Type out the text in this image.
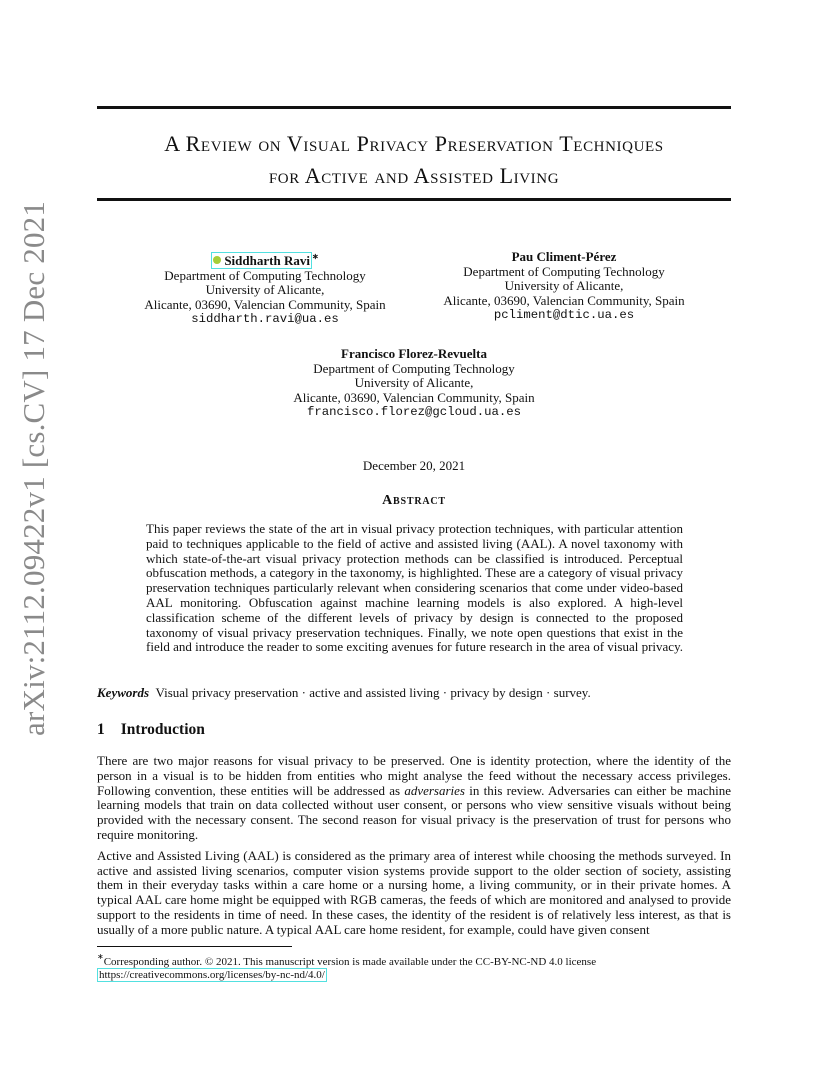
arXiv:2112.09422v1 [cs.CV] 17 Dec 2021
A Review on Visual Privacy Preservation Techniques
for Active and Assisted Living
Siddharth Ravi ∗
Department of Computing Technology
University of Alicante,
Alicante, 03690, Valencian Community, Spain
siddharth.ravi@ua.es
Pau Climent-Pérez
Department of Computing Technology
University of Alicante,
Alicante, 03690, Valencian Community, Spain
pcliment@dtic.ua.es
Francisco Florez-Revuelta
Department of Computing Technology
University of Alicante,
Alicante, 03690, Valencian Community, Spain
francisco.florez@gcloud.ua.es
December 20, 2021
Abstract
This paper reviews the state of the art in visual privacy protection techniques, with particular attention paid to techniques applicable to the field of active and assisted living (AAL). A novel taxonomy with which state-of-the-art visual privacy protection methods can be classified is introduced. Perceptual obfuscation methods, a category in the taxonomy, is highlighted. These are a category of visual privacy preservation techniques particularly relevant when considering scenarios that come under video-based AAL monitoring. Obfuscation against machine learning models is also explored. A high-level classification scheme of the different levels of privacy by design is connected to the proposed taxonomy of visual privacy preservation techniques. Finally, we note open questions that exist in the field and introduce the reader to some exciting avenues for future research in the area of visual privacy.
Keywords Visual privacy preservation · active and assisted living · privacy by design · survey.
1 Introduction

There are two major reasons for visual privacy to be preserved. One is identity protection, where the identity of the person in a visual is to be hidden from entities who might analyse the feed without the necessary access privileges. Following convention, these entities will be addressed as adversaries in this review. Adversaries can either be machine learning models that train on data collected without user consent, or persons who view sensitive visuals without being provided with the necessary consent. The second reason for visual privacy is the preservation of trust for persons who require monitoring.

Active and Assisted Living (AAL) is considered as the primary area of interest while choosing the methods surveyed. In active and assisted living scenarios, computer vision systems provide support to the older section of society, assisting them in their everyday tasks within a care home or a nursing home, a living community, or in their private homes. A typical AAL care home might be equipped with RGB cameras, the feeds of which are monitored and analysed to provide support to the residents in time of need. In these cases, the identity of the resident is of relatively less interest, as that is usually of a more public nature. A typical AAL care home resident, for example, could have given consent

∗Corresponding author. © 2021. This manuscript version is made available under the CC-BY-NC-ND 4.0 license
https://creativecommons.org/licenses/by-nc-nd/4.0/
